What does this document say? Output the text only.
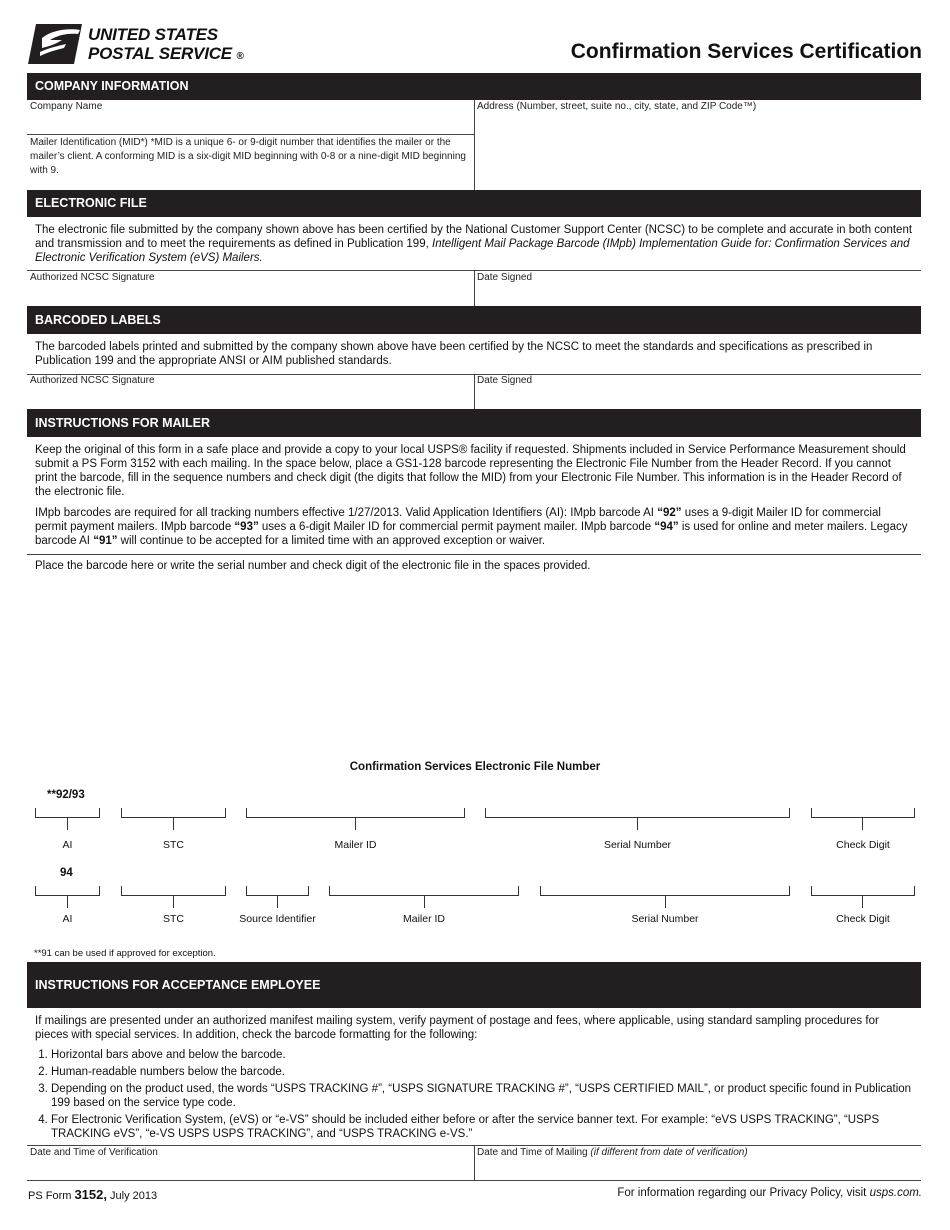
UNITED STATES
POSTAL SERVICE ®	Confirmation Services Certification
COMPANY INFORMATION
Company Name
Mailer Identification (MID*) *MID is a unique 6- or 9-digit number that identifies the mailer or the mailer’s client. A conforming MID is a six-digit MID beginning with 0-8 or a nine-digit MID beginning with 9.
Address (Number, street, suite no., city, state, and ZIP Code™)
ELECTRONIC FILE
The electronic file submitted by the company shown above has been certified by the National Customer Support Center (NCSC) to be complete and accurate in both content and transmission and to meet the requirements as defined in Publication 199, Intelligent Mail Package Barcode (IMpb) Implementation Guide for: Confirmation Services and Electronic Verification System (eVS) Mailers.
Authorized NCSC Signature	Date Signed
BARCODED LABELS
The barcoded labels printed and submitted by the company shown above have been certified by the NCSC to meet the standards and specifications as prescribed in Publication 199 and the appropriate ANSI or AIM published standards.
Authorized NCSC Signature	Date Signed
INSTRUCTIONS FOR MAILER
Keep the original of this form in a safe place and provide a copy to your local USPS® facility if requested. Shipments included in Service Performance Measurement should submit a PS Form 3152 with each mailing. In the space below, place a GS1-128 barcode representing the Electronic File Number from the Header Record. If you cannot print the barcode, fill in the sequence numbers and check digit (the digits that follow the MID) from your Electronic File Number. This information is in the Header Record of the electronic file.
IMpb barcodes are required for all tracking numbers effective 1/27/2013. Valid Application Identifiers (AI): IMpb barcode AI “92” uses a 9-digit Mailer ID for commercial permit payment mailers. IMpb barcode “93” uses a 6-digit Mailer ID for commercial permit payment mailer. IMpb barcode “94” is used for online and meter mailers. Legacy barcode AI “91” will continue to be accepted for a limited time with an approved exception or waiver.
Place the barcode here or write the serial number and check digit of the electronic file in the spaces provided.
Confirmation Services Electronic File Number
**92/93
AI	STC	Mailer ID	Serial Number	Check Digit
94
AI	STC	Source Identifier	Mailer ID	Serial Number	Check Digit
**91 can be used if approved for exception.
INSTRUCTIONS FOR ACCEPTANCE EMPLOYEE
If mailings are presented under an authorized manifest mailing system, verify payment of postage and fees, where applicable, using standard sampling procedures for pieces with special services. In addition, check the barcode formatting for the following:
1. Horizontal bars above and below the barcode.
2. Human-readable numbers below the barcode.
3. Depending on the product used, the words “USPS TRACKING #”, “USPS SIGNATURE TRACKING #”, “USPS CERTIFIED MAIL”, or product specific found in Publication 199 based on the service type code.
4. For Electronic Verification System, (eVS) or “e-VS” should be included either before or after the service banner text. For example: “eVS USPS TRACKING”, “USPS TRACKING eVS”, “e-VS USPS USPS TRACKING”, and “USPS TRACKING e-VS.”
Date and Time of Verification	Date and Time of Mailing (if different from date of verification)
PS Form 3152, July 2013	For information regarding our Privacy Policy, visit usps.com.
